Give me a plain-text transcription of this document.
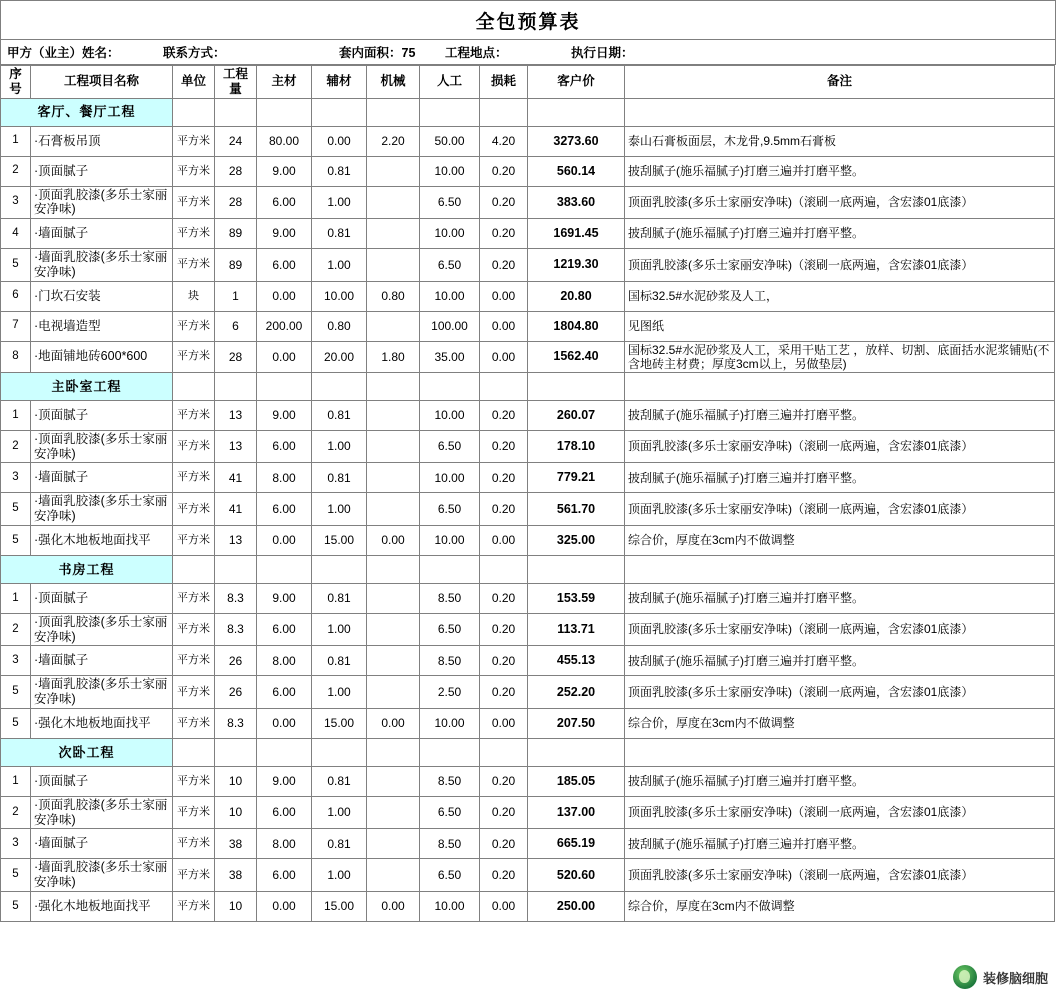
全包预算表
甲方（业主）姓名：	联系方式：	套内面积：75	工程地点：	执行日期：
序号	工程项目名称	单位	工程量	主材	辅材	机械	人工	损耗	客户价	备注
客厅、餐厅工程										
1	·石膏板吊顶	平方米	24	80.00	0.00	2.20	50.00	4.20	3273.60	泰山石膏板面层，木龙骨,9.5mm石膏板
2	·顶面腻子	平方米	28	9.00	0.81		10.00	0.20	560.14	披刮腻子(施乐福腻子)打磨三遍并打磨平整。
3	·顶面乳胶漆(多乐士家丽安净味)	平方米	28	6.00	1.00		6.50	0.20	383.60	顶面乳胶漆(多乐士家丽安净味)（滚刷一底两遍，含宏漆01底漆）
4	·墙面腻子	平方米	89	9.00	0.81		10.00	0.20	1691.45	披刮腻子(施乐福腻子)打磨三遍并打磨平整。
5	·墙面乳胶漆(多乐士家丽安净味)	平方米	89	6.00	1.00		6.50	0.20	1219.30	顶面乳胶漆(多乐士家丽安净味)（滚刷一底两遍，含宏漆01底漆）
6	·门坎石安装	块	1	0.00	10.00	0.80	10.00	0.00	20.80	国标32.5#水泥砂浆及人工，
7	·电视墙造型	平方米	6	200.00	0.80		100.00	0.00	1804.80	见图纸
8	·地面铺地砖600*600	平方米	28	0.00	20.00	1.80	35.00	0.00	1562.40	国标32.5#水泥砂浆及人工，采用干贴工艺 ，放样、切割、底面括水泥浆铺贴(不含地砖主材费；厚度3cm以上，另做垫层)
主卧室工程										
1	·顶面腻子	平方米	13	9.00	0.81		10.00	0.20	260.07	披刮腻子(施乐福腻子)打磨三遍并打磨平整。
2	·顶面乳胶漆(多乐士家丽安净味)	平方米	13	6.00	1.00		6.50	0.20	178.10	顶面乳胶漆(多乐士家丽安净味)（滚刷一底两遍，含宏漆01底漆）
3	·墙面腻子	平方米	41	8.00	0.81		10.00	0.20	779.21	披刮腻子(施乐福腻子)打磨三遍并打磨平整。
5	·墙面乳胶漆(多乐士家丽安净味)	平方米	41	6.00	1.00		6.50	0.20	561.70	顶面乳胶漆(多乐士家丽安净味)（滚刷一底两遍，含宏漆01底漆）
5	·强化木地板地面找平	平方米	13	0.00	15.00	0.00	10.00	0.00	325.00	综合价，厚度在3cm内不做调整
书房工程										
1	·顶面腻子	平方米	8.3	9.00	0.81		8.50	0.20	153.59	披刮腻子(施乐福腻子)打磨三遍并打磨平整。
2	·顶面乳胶漆(多乐士家丽安净味)	平方米	8.3	6.00	1.00		6.50	0.20	113.71	顶面乳胶漆(多乐士家丽安净味)（滚刷一底两遍，含宏漆01底漆）
3	·墙面腻子	平方米	26	8.00	0.81		8.50	0.20	455.13	披刮腻子(施乐福腻子)打磨三遍并打磨平整。
5	·墙面乳胶漆(多乐士家丽安净味)	平方米	26	6.00	1.00		2.50	0.20	252.20	顶面乳胶漆(多乐士家丽安净味)（滚刷一底两遍，含宏漆01底漆）
5	·强化木地板地面找平	平方米	8.3	0.00	15.00	0.00	10.00	0.00	207.50	综合价，厚度在3cm内不做调整
次卧工程										
1	·顶面腻子	平方米	10	9.00	0.81		8.50	0.20	185.05	披刮腻子(施乐福腻子)打磨三遍并打磨平整。
2	·顶面乳胶漆(多乐士家丽安净味)	平方米	10	6.00	1.00		6.50	0.20	137.00	顶面乳胶漆(多乐士家丽安净味)（滚刷一底两遍，含宏漆01底漆）
3	·墙面腻子	平方米	38	8.00	0.81		8.50	0.20	665.19	披刮腻子(施乐福腻子)打磨三遍并打磨平整。
5	·墙面乳胶漆(多乐士家丽安净味)	平方米	38	6.00	1.00		6.50	0.20	520.60	顶面乳胶漆(多乐士家丽安净味)（滚刷一底两遍，含宏漆01底漆）
5	·强化木地板地面找平	平方米	10	0.00	15.00	0.00	10.00	0.00	250.00	综合价，厚度在3cm内不做调整
装修脑细胞
